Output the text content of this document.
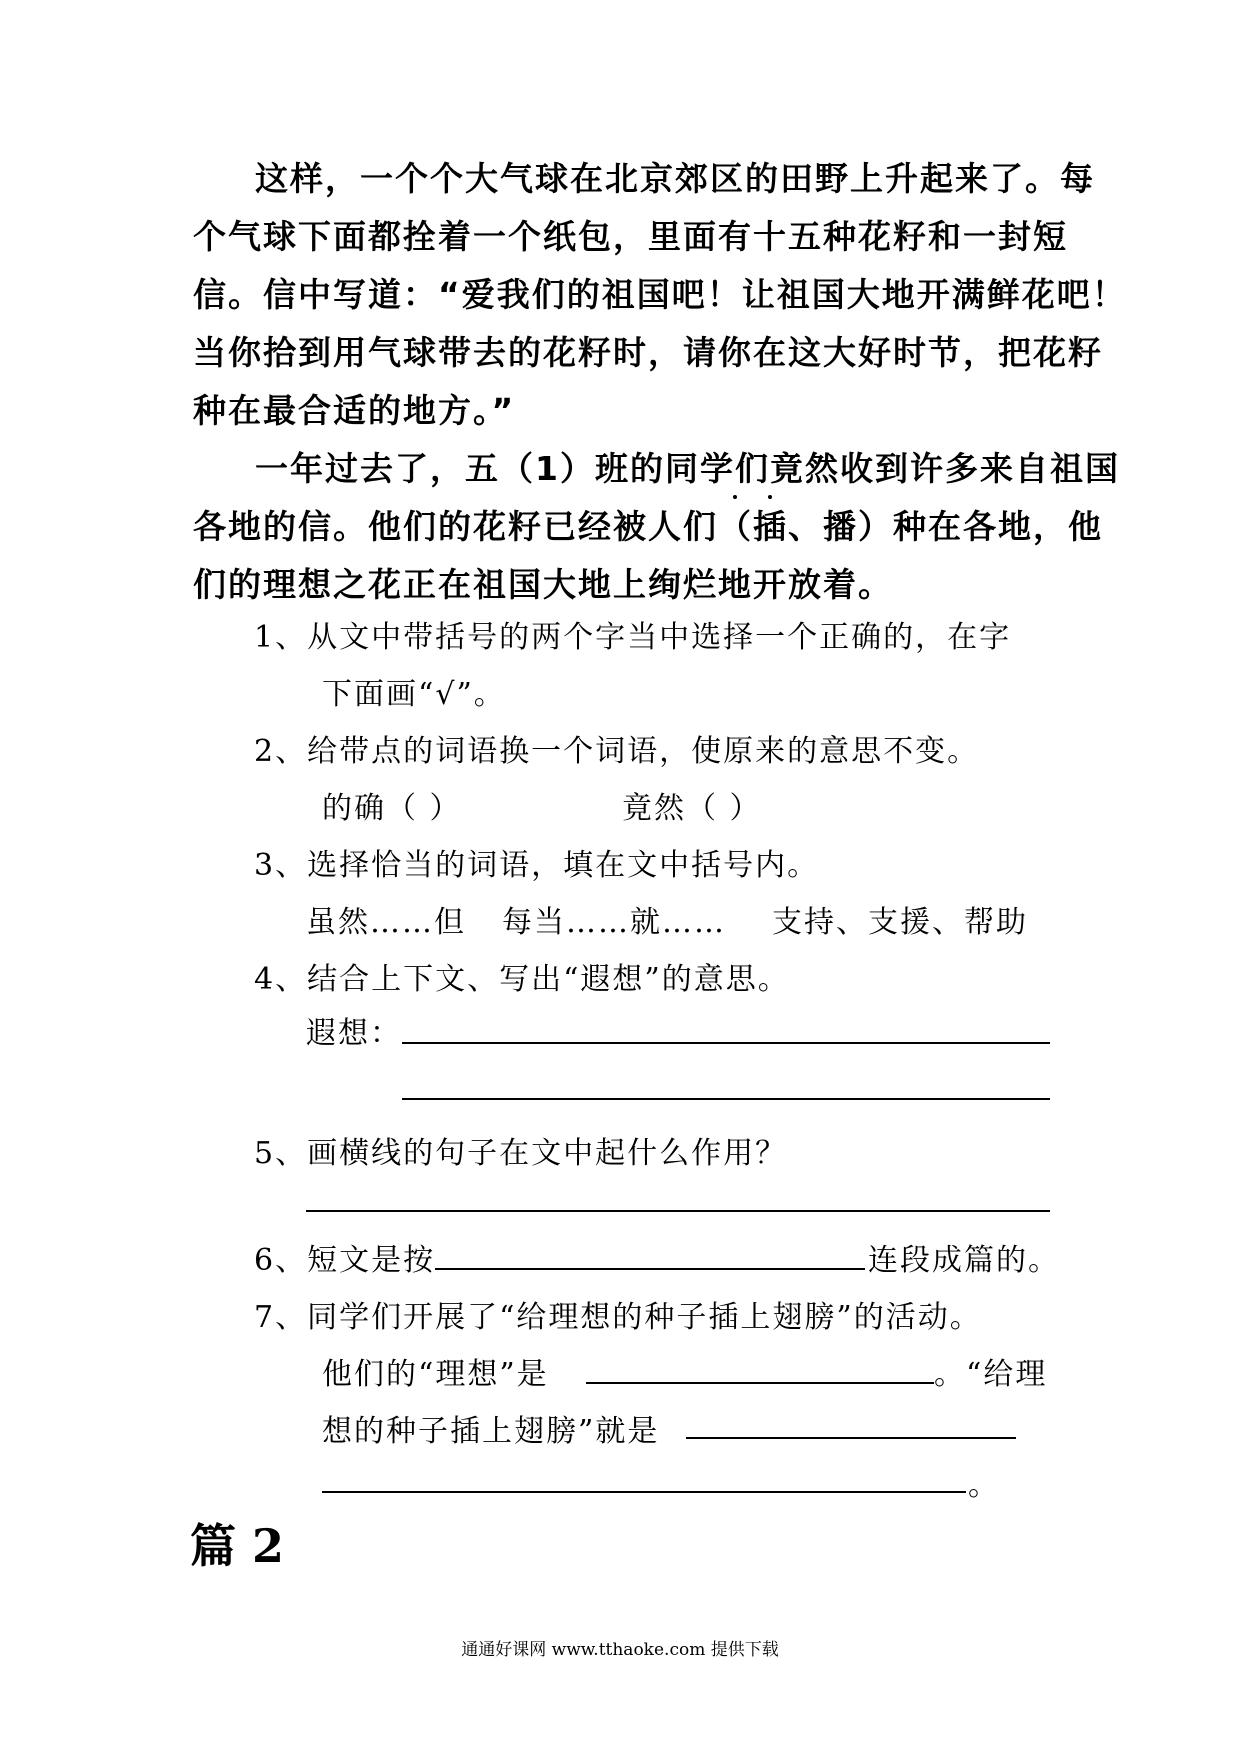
这样，一个个大气球在北京郊区的田野上升起来了。每
个气球下面都拴着一个纸包，里面有十五种花籽和一封短
信。信中写道：“爱我们的祖国吧！让祖国大地开满鲜花吧！
当你拾到用气球带去的花籽时，请你在这大好时节，把花籽
种在最合适的地方。”
一年过去了，五（1）班的同学们竟然收到许多来自祖国
各地的信。他们的花籽已经被人们（插、播）种在各地，他
们的理想之花正在祖国大地上绚烂地开放着。
1、从文中带括号的两个字当中选择一个正确的，在字
下面画“√”。
2、给带点的词语换一个词语，使原来的意思不变。
的确（ ）	竟然（ ）
3、选择恰当的词语，填在文中括号内。
虽然……但 每当……就…… 支持、支援、帮助
4、结合上下文、写出“遐想”的意思。
遐想：
5、画横线的句子在文中起什么作用？
6、短文是按	连段成篇的。
7、同学们开展了“给理想的种子插上翅膀”的活动。
他们的“理想”是	。“给理
想的种子插上翅膀”就是
。
篇 2
通通好课网 www.tthaoke.com 提供下载
